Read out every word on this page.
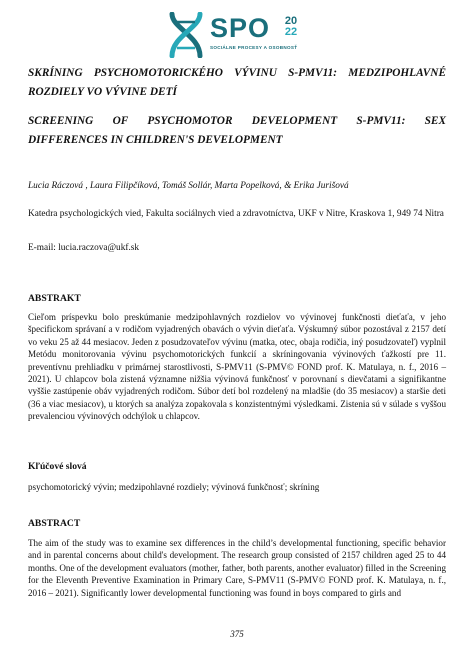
SPO	20
22
SOCIÁLNE PROCESY A OSOBNOSŤ
SKRÍNING PSYCHOMOTORICKÉHO VÝVINU S-PMV11: MEDZIPOHLAVNÉ ROZDIELY VO VÝVINE DETÍ
SCREENING OF PSYCHOMOTOR DEVELOPMENT S-PMV11: SEX DIFFERENCES IN CHILDREN'S DEVELOPMENT
Lucia Ráczová , Laura Filipčíková, Tomáš Sollár, Marta Popelková, & Erika Jurišová
Katedra psychologických vied, Fakulta sociálnych vied a zdravotníctva, UKF v Nitre, Kraskova 1, 949 74 Nitra
E-mail: lucia.raczova@ukf.sk
ABSTRAKT
Cieľom príspevku bolo preskúmanie medzipohlavných rozdielov vo vývinovej funkčnosti dieťaťa, v jeho špecifickom správaní a v rodičom vyjadrených obavách o vývin dieťaťa. Výskumný súbor pozostával z 2157 detí vo veku 25 až 44 mesiacov. Jeden z posudzovateľov vývinu (matka, otec, obaja rodičia, iný posudzovateľ) vyplnil Metódu monitorovania vývinu psychomotorických funkcií a skríningovania vývinových ťažkostí pre 11. preventívnu prehliadku v primárnej starostlivosti, S-PMV11 (S-PMV© FOND prof. K. Matulaya, n. f., 2016 – 2021). U chlapcov bola zistená významne nižšia vývinová funkčnosť v porovnaní s dievčatami a signifikantne vyššie zastúpenie obáv vyjadrených rodičom. Súbor detí bol rozdelený na mladšie (do 35 mesiacov) a staršie deti (36 a viac mesiacov), u ktorých sa analýza zopakovala s konzistentnými výsledkami. Zistenia sú v súlade s vyššou prevalenciou vývinových odchýlok u chlapcov.
Kľúčové slová
psychomotorický vývin; medzipohlavné rozdiely; vývinová funkčnosť; skríning
ABSTRACT
The aim of the study was to examine sex differences in the child’s developmental functioning, specific behavior and in parental concerns about child's development. The research group consisted of 2157 children aged 25 to 44 months. One of the development evaluators (mother, father, both parents, another evaluator) filled in the Screening for the Eleventh Preventive Examination in Primary Care, S-PMV11 (S-PMV© FOND prof. K. Matulaya, n. f., 2016 – 2021). Significantly lower developmental functioning was found in boys compared to girls and
375
